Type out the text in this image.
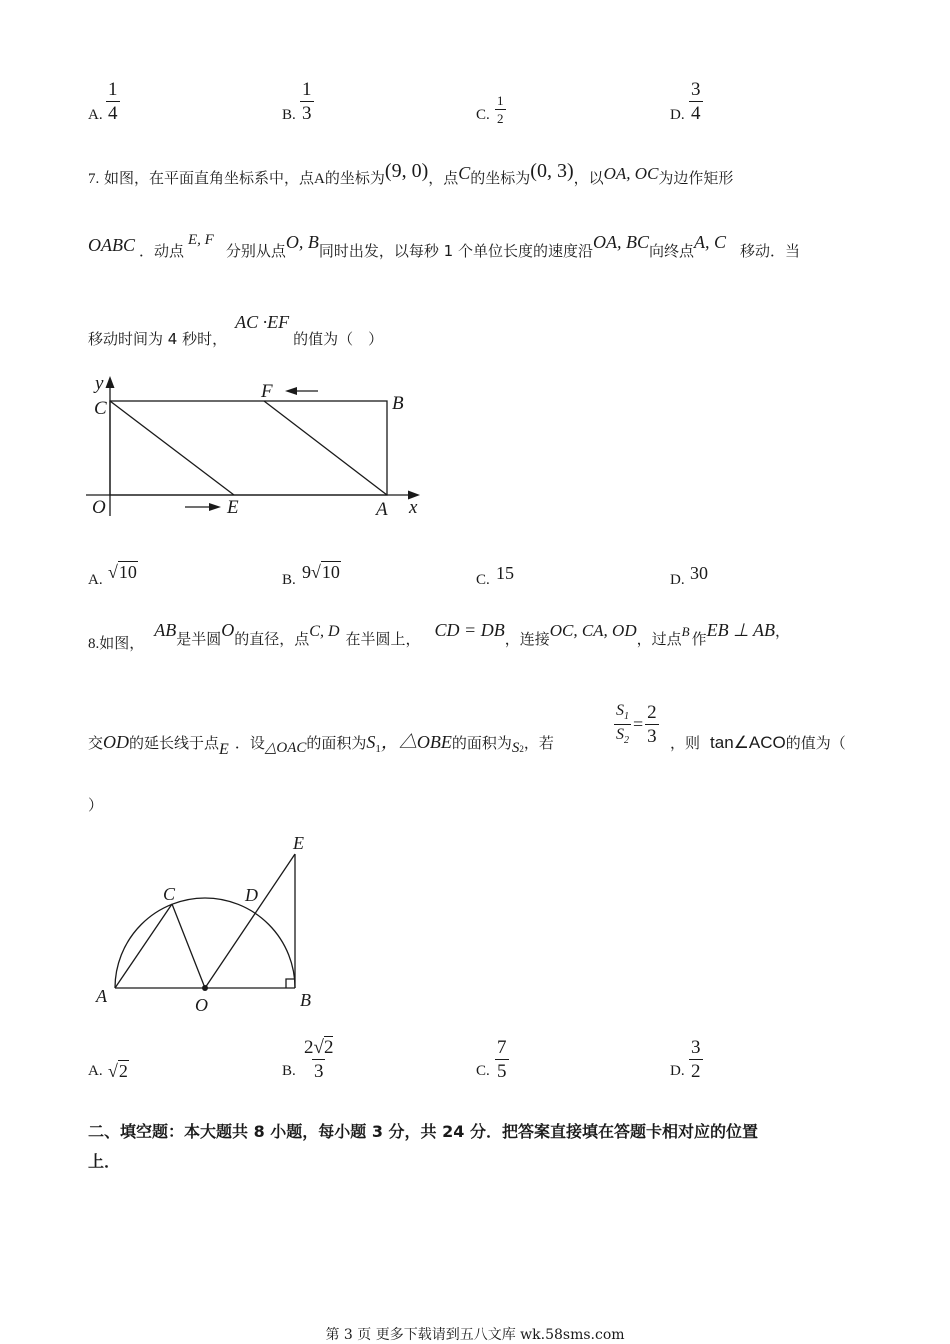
A. $\frac{1}{4}$	B. $\frac{1}{3}$	C. $\frac{1}{2}$	D. $\frac{3}{4}$
7. 如图，在平面直角坐标系中，点A的坐标为(9, 0)，点C的坐标为(0, 3)，以OA, OC为边作矩形
OABC ．动点E, F分别从点O, B同时出发，以每秒 1 个单位长度的速度沿OA, BC向终点A, C 移动．当
移动时间为 4 秒时，AC ·EF的值为（　）
y
C
F
B
O	E	A x
A. √10	B. 9√10	C. 15	D. 30
8.如图，AB是半圆O的直径，点C, D 在半圆上， CD = DB，连接OC, CA, OD，过点B 作EB ⊥ AB，
交OD的延长线于点E ．设△OAC的面积为$S_1$，△OBE的面积为$S_2$，若	$\frac{S_1}{S_2} = \frac{2}{3}$ ，则 tan∠ACO的值为（
）
E
C	D
A	O	B
A. √2	B. $\frac{2√2}{3}$	C. $\frac{7}{5}$	D. $\frac{3}{2}$
二、填空题：本大题共 8 小题，每小题 3 分，共 24 分．把答案直接填在答题卡相对应的位置
上．
第 3 页 更多下载请到五八文库 wk.58sms.com
